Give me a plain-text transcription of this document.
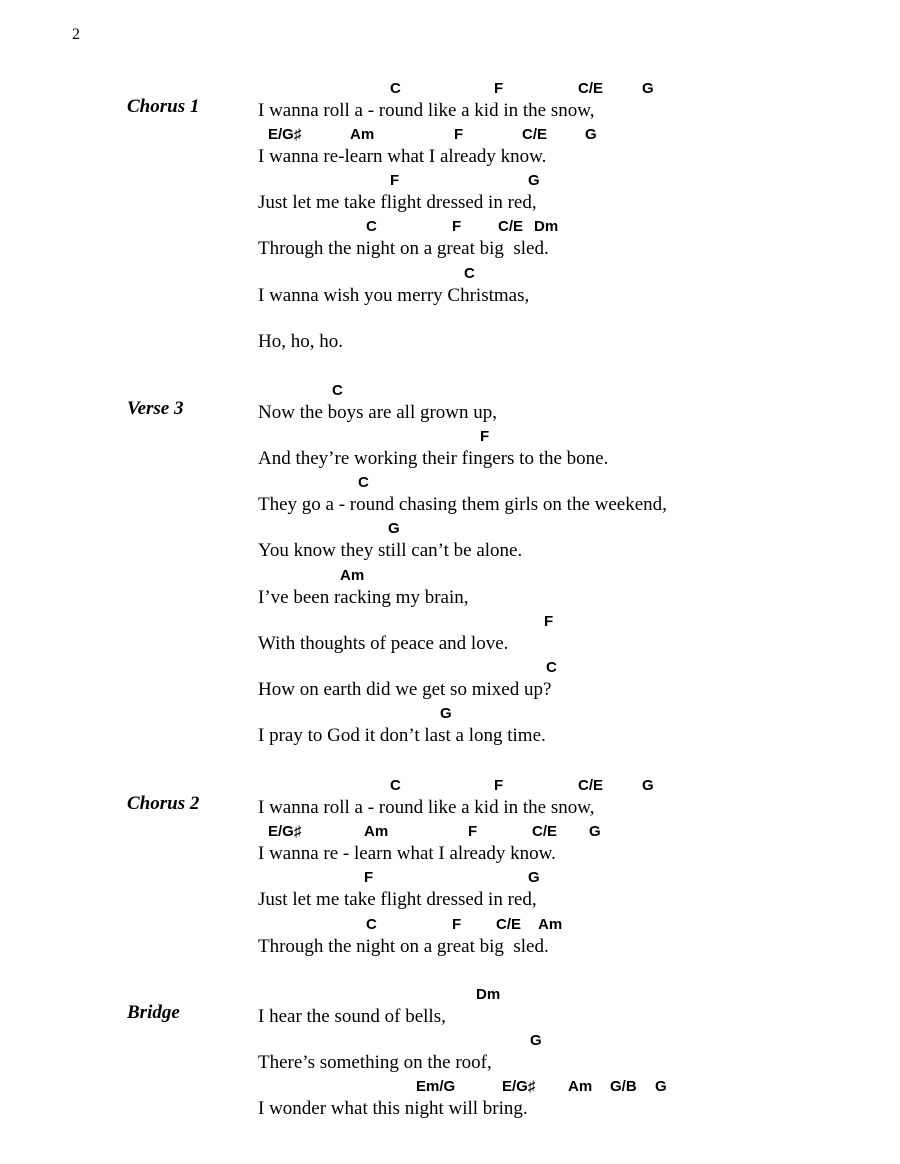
2
Chorus 1
C	F	C/E	G
I wanna roll a - round like a kid in the snow,
E/G♯	Am	F	C/E	G
I wanna re-learn what I already know.
F	G
Just let me take flight dressed in red,
C	F C/E Dm
Through the night on a great big  sled.
C
I wanna wish you merry Christmas,
Ho, ho, ho.
Verse 3
C
Now the boys are all grown up,
F
And they’re working their fingers to the bone.
C
They go a - round chasing them girls on the weekend,
G
You know they still can’t be alone.
Am
I’ve been racking my brain,
F
With thoughts of peace and love.
C
How on earth did we get so mixed up?
G
I pray to God it don’t last a long time.
Chorus 2
C	F	C/E	G
I wanna roll a - round like a kid in the snow,
E/G♯	Am	F	C/E G
I wanna re - learn what I already know.
F	G
Just let me take flight dressed in red,
C	F C/E Am
Through the night on a great big  sled.
Bridge
Dm
I hear the sound of bells,
G
There’s something on the roof,
Em/G	E/G♯ Am G/B G
I wonder what this night will bring.
